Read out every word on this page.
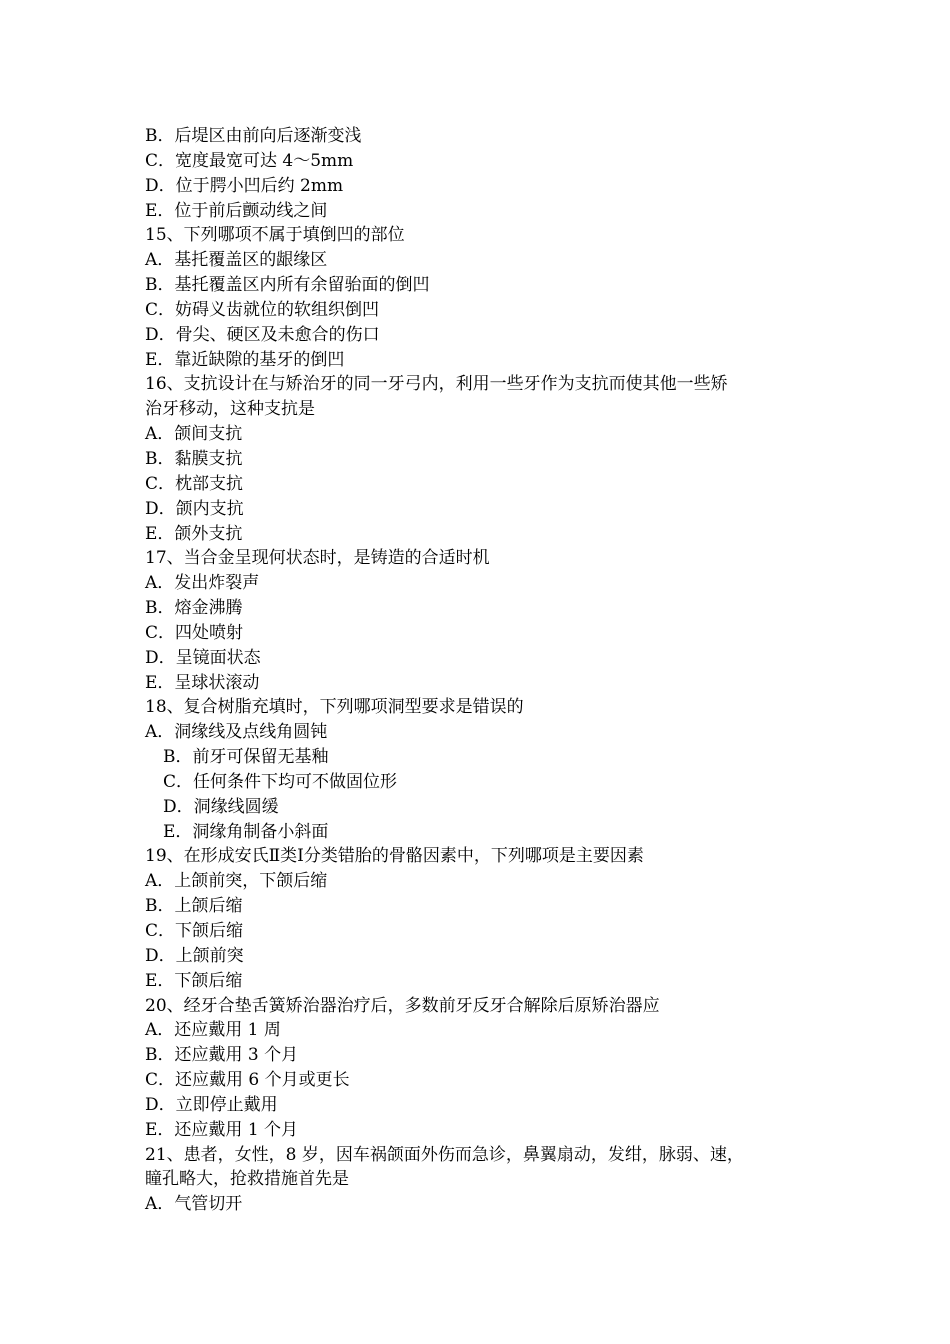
B．后堤区由前向后逐渐变浅
C．宽度最宽可达 4～5mm
D．位于腭小凹后约 2mm
E．位于前后颤动线之间
15、下列哪项不属于填倒凹的部位
A．基托覆盖区的龈缘区
B．基托覆盖区内所有余留骀面的倒凹
C．妨碍义齿就位的软组织倒凹
D．骨尖、硬区及未愈合的伤口
E．靠近缺隙的基牙的倒凹
16、支抗设计在与矫治牙的同一牙弓内，利用一些牙作为支抗而使其他一些矫
治牙移动，这种支抗是
A．颌间支抗
B．黏膜支抗
C．枕部支抗
D．颌内支抗
E．颌外支抗
17、当合金呈现何状态时，是铸造的合适时机
A．发出炸裂声
B．熔金沸腾
C．四处喷射
D．呈镜面状态
E．呈球状滚动
18、复合树脂充填时，下列哪项洞型要求是错误的
A．洞缘线及点线角圆钝
B．前牙可保留无基釉
C．任何条件下均可不做固位形
D．洞缘线圆缓
E．洞缘角制备小斜面
19、在形成安氏Ⅱ类Ⅰ分类错胎的骨骼因素中，下列哪项是主要因素
A．上颌前突，下颌后缩
B．上颌后缩
C．下颌后缩
D．上颌前突
E．下颌后缩
20、经牙合垫舌簧矫治器治疗后，多数前牙反牙合解除后原矫治器应
A．还应戴用 1 周
B．还应戴用 3 个月
C．还应戴用 6 个月或更长
D．立即停止戴用
E．还应戴用 1 个月
21、患者，女性，8 岁，因车祸颌面外伤而急诊，鼻翼扇动，发绀，脉弱、速，
瞳孔略大，抢救措施首先是
A．气管切开
